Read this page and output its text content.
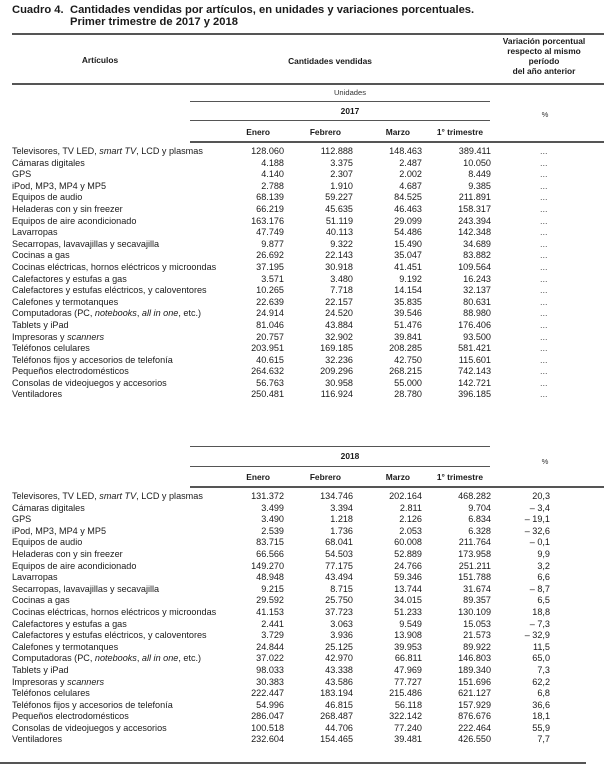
Cuadro 4. Cantidades vendidas por artículos, en unidades y variaciones porcentuales.
Primer trimestre de 2017 y 2018
Artículos	Cantidades vendidas
Variación porcentual
respecto al mismo
período
del año anterior
Unidades
2017	%
Enero	Febrero	Marzo	1° trimestre
Televisores, TV LED, smart TV, LCD y plasmas	128.060	112.888	148.463	389.411	...
Cámaras digitales	4.188	3.375	2.487	10.050	...
GPS	4.140	2.307	2.002	8.449	...
iPod, MP3, MP4 y MP5	2.788	1.910	4.687	9.385	...
Equipos de audio	68.139	59.227	84.525	211.891	...
Heladeras con y sin freezer	66.219	45.635	46.463	158.317	...
Equipos de aire acondicionado	163.176	51.119	29.099	243.394	...
Lavarropas	47.749	40.113	54.486	142.348	...
Secarropas, lavavajillas y secavajilla	9.877	9.322	15.490	34.689	...
Cocinas a gas	26.692	22.143	35.047	83.882	...
Cocinas eléctricas, hornos eléctricos y microondas	37.195	30.918	41.451	109.564	...
Calefactores y estufas a gas	3.571	3.480	9.192	16.243	...
Calefactores y estufas eléctricos, y caloventores	10.265	7.718	14.154	32.137	...
Calefones y termotanques	22.639	22.157	35.835	80.631	...
Computadoras (PC, notebooks, all in one, etc.)	24.914	24.520	39.546	88.980	...
Tablets y iPad	81.046	43.884	51.476	176.406	...
Impresoras y scanners	20.757	32.902	39.841	93.500	...
Teléfonos celulares	203.951	169.185	208.285	581.421	...
Teléfonos fijos y accesorios de telefonía	40.615	32.236	42.750	115.601	...
Pequeños electrodomésticos	264.632	209.296	268.215	742.143	...
Consolas de videojuegos y accesorios	56.763	30.958	55.000	142.721	...
Ventiladores	250.481	116.924	28.780	396.185	...
2018
%
Enero	Febrero	Marzo	1° trimestre
Televisores, TV LED, smart TV, LCD y plasmas	131.372	134.746	202.164	468.282	20,3
Cámaras digitales	3.499	3.394	2.811	9.704	– 3,4
GPS	3.490	1.218	2.126	6.834	– 19,1
iPod, MP3, MP4 y MP5	2.539	1.736	2.053	6.328	– 32,6
Equipos de audio	83.715	68.041	60.008	211.764	– 0,1
Heladeras con y sin freezer	66.566	54.503	52.889	173.958	9,9
Equipos de aire acondicionado	149.270	77.175	24.766	251.211	3,2
Lavarropas	48.948	43.494	59.346	151.788	6,6
Secarropas, lavavajillas y secavajilla	9.215	8.715	13.744	31.674	– 8,7
Cocinas a gas	29.592	25.750	34.015	89.357	6,5
Cocinas eléctricas, hornos eléctricos y microondas	41.153	37.723	51.233	130.109	18,8
Calefactores y estufas a gas	2.441	3.063	9.549	15.053	– 7,3
Calefactores y estufas eléctricos, y caloventores	3.729	3.936	13.908	21.573	– 32,9
Calefones y termotanques	24.844	25.125	39.953	89.922	11,5
Computadoras (PC, notebooks, all in one, etc.)	37.022	42.970	66.811	146.803	65,0
Tablets y iPad	98.033	43.338	47.969	189.340	7,3
Impresoras y scanners	30.383	43.586	77.727	151.696	62,2
Teléfonos celulares	222.447	183.194	215.486	621.127	6,8
Teléfonos fijos y accesorios de telefonía	54.996	46.815	56.118	157.929	36,6
Pequeños electrodomésticos	286.047	268.487	322.142	876.676	18,1
Consolas de videojuegos y accesorios	100.518	44.706	77.240	222.464	55,9
Ventiladores	232.604	154.465	39.481	426.550	7,7
